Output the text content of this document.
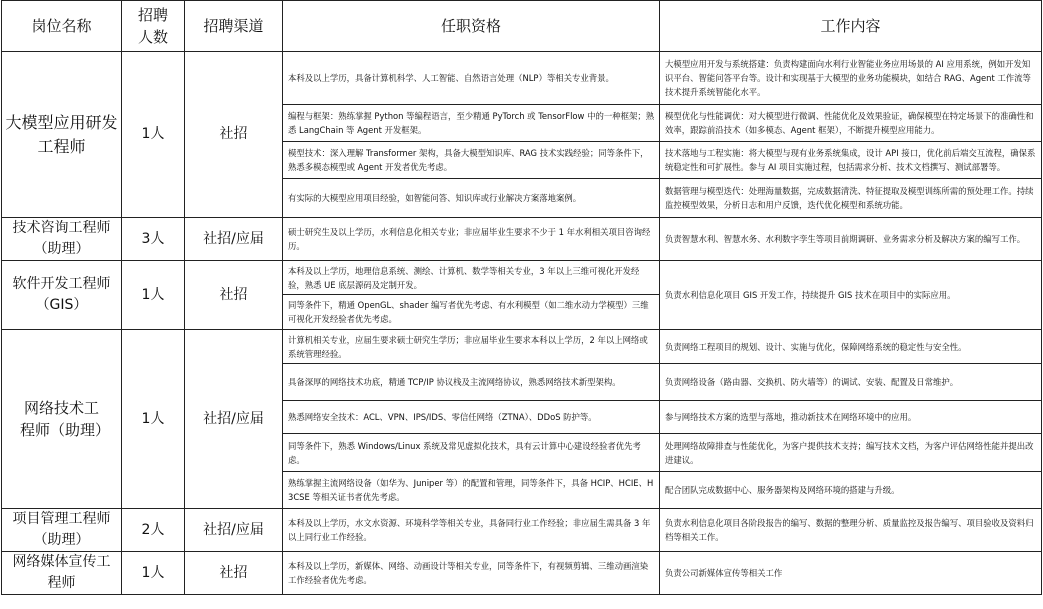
岗位名称	招聘人数	招聘渠道	任职资格	工作内容
大模型应用研发工程师	1人	社招	本科及以上学历，具备计算机科学、人工智能、自然语言处理（NLP）等相关专业背景。	大模型应用开发与系统搭建：负责构建面向水利行业智能业务应用场景的 AI 应用系统，例如开发知识平台、智能问答平台等。设计和实现基于大模型的业务功能模块，如结合 RAG、Agent 工作流等技术提升系统智能化水平。
			编程与框架：熟练掌握 Python 等编程语言，至少精通 PyTorch 或 TensorFlow 中的一种框架；熟悉 LangChain 等 Agent 开发框架。	模型优化与性能调优：对大模型进行微调、性能优化及效果验证，确保模型在特定场景下的准确性和效率，跟踪前沿技术（如多模态、Agent 框架），不断提升模型应用能力。
			模型技术：深入理解 Transformer 架构，具备大模型知识库、RAG 技术实践经验；同等条件下，熟悉多模态模型或 Agent 开发者优先考虑。	技术落地与工程实施：将大模型与现有业务系统集成，设计 API 接口，优化前后端交互流程，确保系统稳定性和可扩展性。参与 AI 项目实施过程，包括需求分析、技术文档撰写、测试部署等。
			有实际的大模型应用项目经验，如智能问答、知识库或行业解决方案落地案例。	数据管理与模型迭代：处理海量数据，完成数据清洗、特征提取及模型训练所需的预处理工作。持续监控模型效果，分析日志和用户反馈，迭代优化模型和系统功能。
技术咨询工程师（助理）	3人	社招/应届	硕士研究生及以上学历，水利信息化相关专业；非应届毕业生要求不少于 1 年水利相关项目咨询经历。	负责智慧水利、智慧水务、水利数字孪生等项目前期调研、业务需求分析及解决方案的编写工作。
软件开发工程师（GIS）	1人	社招	本科及以上学历，地理信息系统、测绘、计算机、数学等相关专业，3 年以上三维可视化开发经验，熟悉 UE 底层源码及定制开发。	负责水利信息化项目 GIS 开发工作，持续提升 GIS 技术在项目中的实际应用。
			同等条件下，精通 OpenGL、shader 编写者优先考虑、有水利模型（如二维水动力学模型）三维可视化开发经验者优先考虑。	
网络技术工程师（助理）	1人	社招/应届	计算机相关专业，应届生要求硕士研究生学历；非应届毕业生要求本科以上学历，2 年以上网络或系统管理经验。	负责网络工程项目的规划、设计、实施与优化，保障网络系统的稳定性与安全性。
			具备深厚的网络技术功底，精通 TCP/IP 协议栈及主流网络协议，熟悉网络技术新型架构。	负责网络设备（路由器、交换机、防火墙等）的调试、安装、配置及日常维护。
			熟悉网络安全技术：ACL、VPN、IPS/IDS、零信任网络（ZTNA）、DDoS 防护等。	参与网络技术方案的选型与落地，推动新技术在网络环境中的应用。
			同等条件下，熟悉 Windows/Linux 系统及常见虚拟化技术，具有云计算中心建设经验者优先考虑。	处理网络故障排查与性能优化，为客户提供技术支持；编写技术文档，为客户评估网络性能并提出改进建议。
			熟练掌握主流网络设备（如华为、Juniper 等）的配置和管理，同等条件下，具备 HCIP、HCIE、H3CSE 等相关证书者优先考虑。	配合团队完成数据中心、服务器架构及网络环境的搭建与升级。
项目管理工程师（助理）	2人	社招/应届	本科及以上学历，水文水资源、环境科学等相关专业，具备同行业工作经验；非应届生需具备 3 年以上同行业工作经验。	负责水利信息化项目各阶段报告的编写、数据的整理分析、质量监控及报告编写、项目验收及资料归档等相关工作。
网络媒体宣传工程师	1人	社招	本科及以上学历，新媒体、网络、动画设计等相关专业，同等条件下，有视频剪辑、三维动画渲染工作经验者优先考虑。	负责公司新媒体宣传等相关工作
